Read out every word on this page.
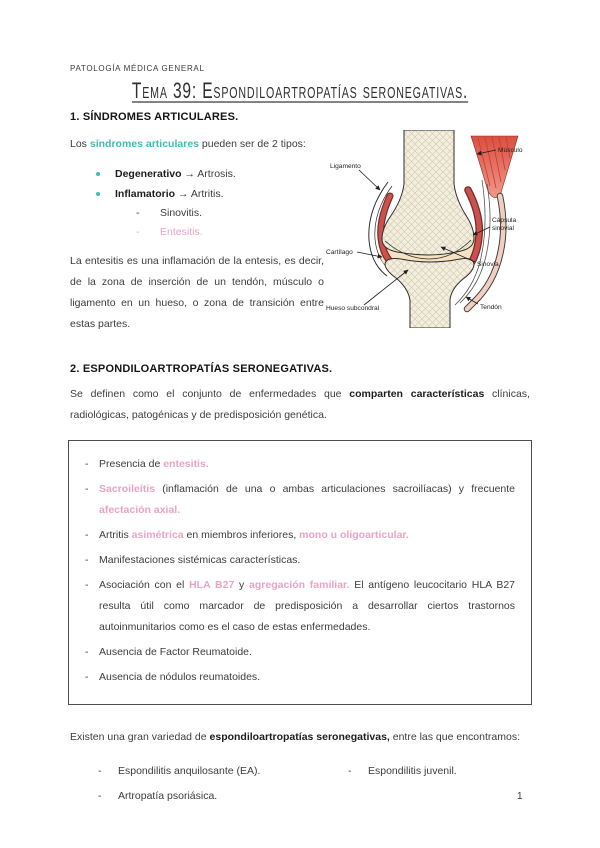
PATOLOGÍA MÉDICA GENERAL
Tema 39: Espondiloartropatías seronegativas.
1. SÍNDROMES ARTICULARES.

Los síndromes articulares pueden ser de 2 tipos:

Degenerativo → Artrosis.
Inflamatorio → Artritis.
- Sinovitis.
- Entesitis.

La entesitis es una inflamación de la entesis, es decir, de la zona de inserción de un tendón, músculo o ligamento en un hueso, o zona de transición entre estas partes.

Ligamento
Músculo
Cápsula
sinovial
Cartílago
Sinovia
Hueso subcondral	Tendón
2. ESPONDILOARTROPATÍAS SERONEGATIVAS.

Se definen como el conjunto de enfermedades que comparten características clínicas, radiológicas, patogénicas y de predisposición genética.

-	Presencia de entesitis.
-	Sacroileítis (inflamación de una o ambas articulaciones sacroilíacas) y frecuente afectación axial.
-	Artritis asimétrica en miembros inferiores, mono u oligoarticular.
-	Manifestaciones sistémicas características.
-	Asociación con el HLA B27 y agregación familiar. El antígeno leucocitario HLA B27 resulta útil como marcador de predisposición a desarrollar ciertos trastornos autoinmunitarios como es el caso de estas enfermedades.
-	Ausencia de Factor Reumatoide.
-	Ausencia de nódulos reumatoides.

Existen una gran variedad de espondiloartropatías seronegativas, entre las que encontramos:

- Espondilitis anquilosante (EA).
- Artropatía psoriásica.
- Espondilitis juvenil.
1
